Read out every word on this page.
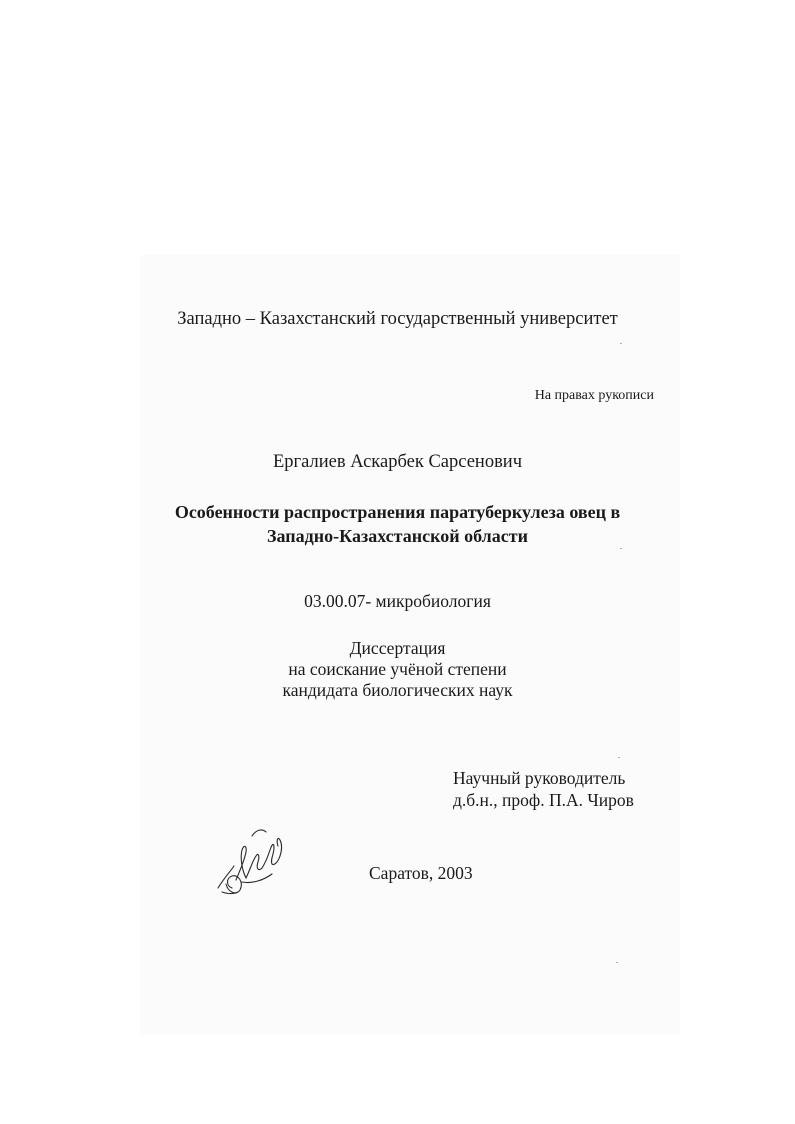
Западно – Казахстанский государственный университет
На правах рукописи
Ергалиев Аскарбек Сарсенович
Особенности распространения паратуберкулеза овец в
Западно-Казахстанской области
03.00.07- микробиология
Диссертация
на соискание учёной степени
кандидата биологических наук
Научный руководитель
д.б.н., проф. П.А. Чиров
Саратов, 2003
